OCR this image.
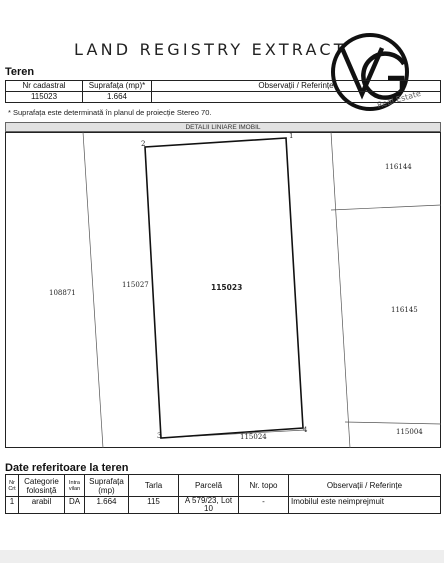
LAND REGISTRY EXTRACT
Real Estate
Teren
Nr cadastral	Suprafața (mp)*	Observații / Referințe
115023	1.664	
* Suprafața este determinată în planul de proiecție Stereo 70.
DETALII LINIARE IMOBIL
1
2
3
4
115023
108871
115027
116144
116145
115004
115024
Date referitoare la teren
Nr Crt	Categorie folosință	Intra vilan	Suprafața (mp)	Tarla	Parcelă	Nr. topo	Observații / Referințe
1	arabil	DA	1.664	115	A 579/23, Lot 10	-	Imobilul este neimprejmuit
